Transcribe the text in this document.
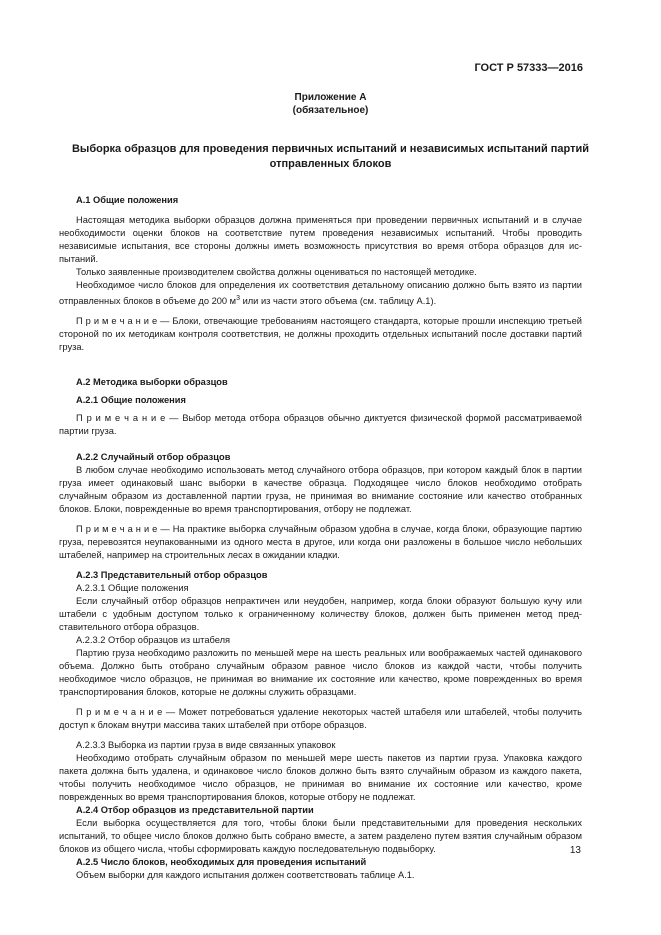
ГОСТ Р 57333—2016
Приложение А
(обязательное)
Выборка образцов для проведения первичных испытаний и независимых испытаний партий отправленных блоков
А.1 Общие положения

Настоящая методика выборки образцов должна применяться при проведении первичных испытаний и в случае необходимости оценки блоков на соответствие путем проведения независимых испытаний. Чтобы проводить независимые испытания, все стороны должны иметь возможность присутствия во время отбора образцов для испытаний.

Только заявленные производителем свойства должны оцениваться по настоящей методике.

Необходимое число блоков для определения их соответствия детальному описанию должно быть взято из партии отправленных блоков в объеме до 200 $м^3$ или из части этого объема (см. таблицу А.1).

П р и м е ч а н и е — Блоки, отвечающие требованиям настоящего стандарта, которые прошли инспекцию третьей стороной по их методикам контроля соответствия, не должны проходить отдельных испытаний после доставки партий груза.

А.2 Методика выборки образцов
А.2.1 Общие положения

П р и м е ч а н и е — Выбор метода отбора образцов обычно диктуется физической формой рассматриваемой партии груза.

А.2.2 Случайный отбор образцов

В любом случае необходимо использовать метод случайного отбора образцов, при котором каждый блок в партии груза имеет одинаковый шанс выборки в качестве образца. Подходящее число блоков необходимо отобрать случайным образом из доставленной партии груза, не принимая во внимание состояние или качество отобранных блоков. Блоки, поврежденные во время транспортирования, отбору не подлежат.

П р и м е ч а н и е — На практике выборка случайным образом удобна в случае, когда блоки, образующие партию груза, перевозятся неупакованными из одного места в другое, или когда они разложены в большое число небольших штабелей, например на строительных лесах в ожидании кладки.

А.2.3 Представительный отбор образцов
А.2.3.1 Общие положения

Если случайный отбор образцов непрактичен или неудобен, например, когда блоки образуют большую кучу или штабели с удобным доступом только к ограниченному количеству блоков, должен быть применен метод представительного отбора образцов.

А.2.3.2 Отбор образцов из штабеля

Партию груза необходимо разложить по меньшей мере на шесть реальных или воображаемых частей одинакового объема. Должно быть отобрано случайным образом равное число блоков из каждой части, чтобы получить необходимое число образцов, не принимая во внимание их состояние или качество, кроме поврежденных во время транспортирования блоков, которые не должны служить образцами.

П р и м е ч а н и е — Может потребоваться удаление некоторых частей штабеля или штабелей, чтобы получить доступ к блокам внутри массива таких штабелей при отборе образцов.

А.2.3.3 Выборка из партии груза в виде связанных упаковок

Необходимо отобрать случайным образом по меньшей мере шесть пакетов из партии груза. Упаковка каждого пакета должна быть удалена, и одинаковое число блоков должно быть взято случайным образом из каждого пакета, чтобы получить необходимое число образцов, не принимая во внимание их состояние или качество, кроме поврежденных во время транспортирования блоков, которые отбору не подлежат.

А.2.4 Отбор образцов из представительной партии

Если выборка осуществляется для того, чтобы блоки были представительными для проведения нескольких испытаний, то общее число блоков должно быть собрано вместе, а затем разделено путем взятия случайным образом блоков из общего числа, чтобы сформировать каждую последовательную подвыборку.

А.2.5 Число блоков, необходимых для проведения испытаний

Объем выборки для каждого испытания должен соответствовать таблице А.1.

13
